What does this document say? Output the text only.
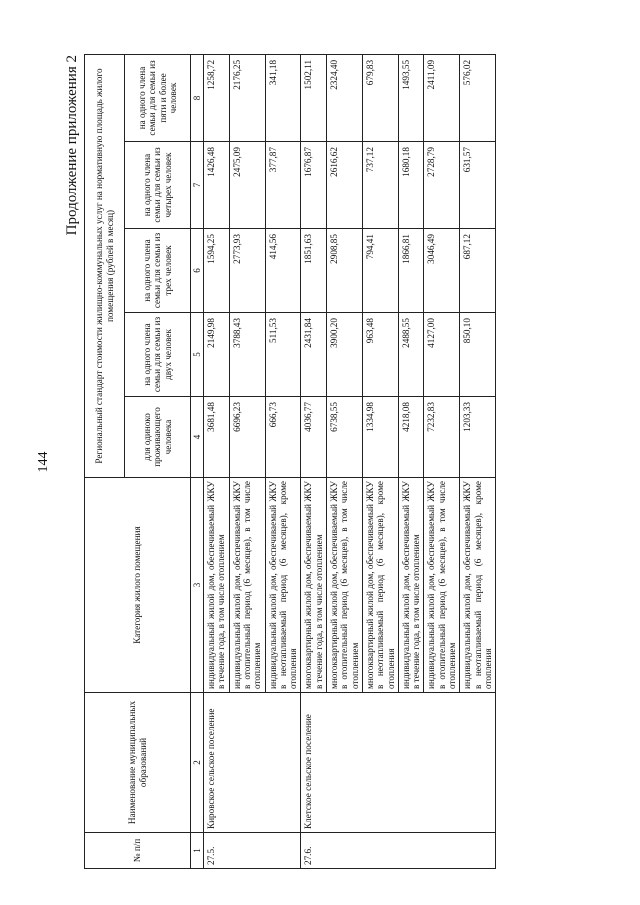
144
Продолжение приложения 2
№ п/п	Наименование муниципальных образований	Категория жилого помещения	Региональный стандарт стоимости жилищно-коммунальных услуг на нормативную площадь жилого помещения (рублей в месяц)				
			для одиноко проживающего человека	на одного члена семьи для семьи из двух человек	на одного члена семьи для семьи из трех человек	на одного члена семьи для семьи из четырех человек	на одного члена семьи для семьи из пяти и более человек
1	2	3	4	5	6	7	8
27.5.	Кировское сельское поселение	индивидуальный жилой дом, обеспечиваемый ЖКУ в течение года, в том числе отоплением	3681,48	2149,98	1594,25	1426,48	1258,72
		индивидуальный жилой дом, обеспечиваемый ЖКУ в отопительный период (6 месяцев), в том числе отоплением	6696,23	3788,43	2773,93	2475,09	2176,25
		индивидуальный жилой дом, обеспечиваемый ЖКУ в неотапливаемый период (6 месяцев), кроме отопления	666,73	511,53	414,56	377,87	341,18
27.6.	Клетское сельское поселение	многоквартирный жилой дом, обеспечиваемый ЖКУ в течение года, в том числе отоплением	4036,77	2431,84	1851,63	1676,87	1502,11
		многоквартирный жилой дом, обеспечиваемый ЖКУ в отопительный период (6 месяцев), в том числе отоплением	6738,55	3900,20	2908,85	2616,62	2324,40
		многоквартирный жилой дом, обеспечиваемый ЖКУ в неотапливаемый период (6 месяцев), кроме отопления	1334,98	963,48	794,41	737,12	679,83
		индивидуальный жилой дом, обеспечиваемый ЖКУ в течение года, в том числе отоплением	4218,08	2488,55	1866,81	1680,18	1493,55
		индивидуальный жилой дом, обеспечиваемый ЖКУ в отопительный период (6 месяцев), в том числе отоплением	7232,83	4127,00	3046,49	2728,79	2411,09
		индивидуальный жилой дом, обеспечиваемый ЖКУ в неотапливаемый период (6 месяцев), кроме отопления	1203,33	850,10	687,12	631,57	576,02
